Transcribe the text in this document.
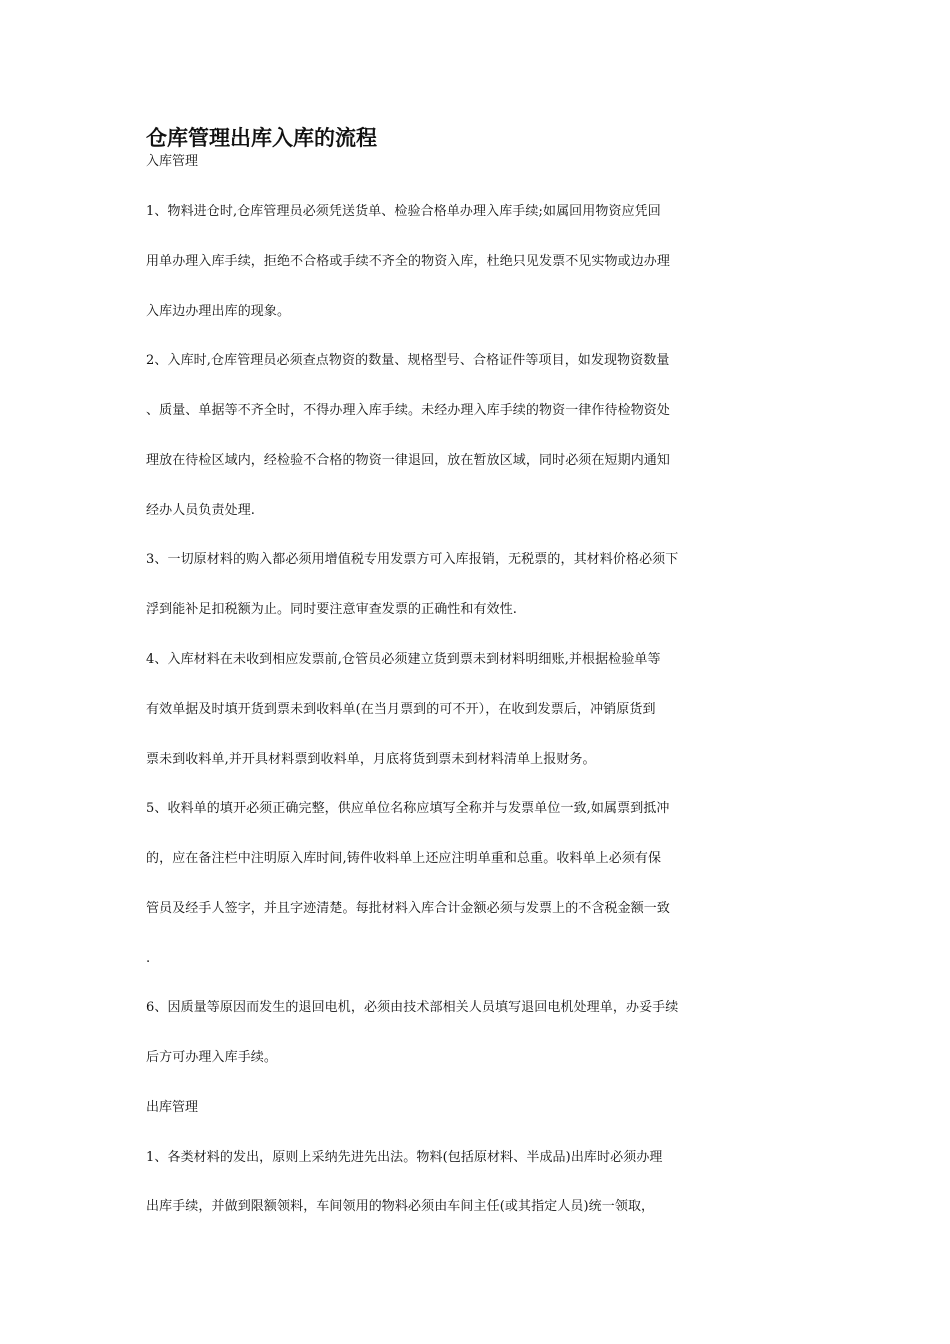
仓库管理出库入库的流程
入库管理
1、物料进仓时,仓库管理员必须凭送货单、检验合格单办理入库手续;如属回用物资应凭回
用单办理入库手续，拒绝不合格或手续不齐全的物资入库，杜绝只见发票不见实物或边办理
入库边办理出库的现象。
2、入库时,仓库管理员必须查点物资的数量、规格型号、合格证件等项目，如发现物资数量
、质量、单据等不齐全时，不得办理入库手续。未经办理入库手续的物资一律作待检物资处
理放在待检区域内，经检验不合格的物资一律退回，放在暂放区域，同时必须在短期内通知
经办人员负责处理.
3、一切原材料的购入都必须用增值税专用发票方可入库报销，无税票的，其材料价格必须下
浮到能补足扣税额为止。同时要注意审查发票的正确性和有效性.
4、入库材料在未收到相应发票前,仓管员必须建立货到票未到材料明细账,并根据检验单等
有效单据及时填开货到票未到收料单(在当月票到的可不开），在收到发票后，冲销原货到
票未到收料单,并开具材料票到收料单，月底将货到票未到材料清单上报财务。
5、收料单的填开必须正确完整，供应单位名称应填写全称并与发票单位一致,如属票到抵冲
的，应在备注栏中注明原入库时间,铸件收料单上还应注明单重和总重。收料单上必须有保
管员及经手人签字，并且字迹清楚。每批材料入库合计金额必须与发票上的不含税金额一致
.
6、因质量等原因而发生的退回电机，必须由技术部相关人员填写退回电机处理单，办妥手续
后方可办理入库手续。
出库管理
1、各类材料的发出，原则上采纳先进先出法。物料(包括原材料、半成品)出库时必须办理
出库手续，并做到限额领料，车间领用的物料必须由车间主任(或其指定人员)统一领取，
